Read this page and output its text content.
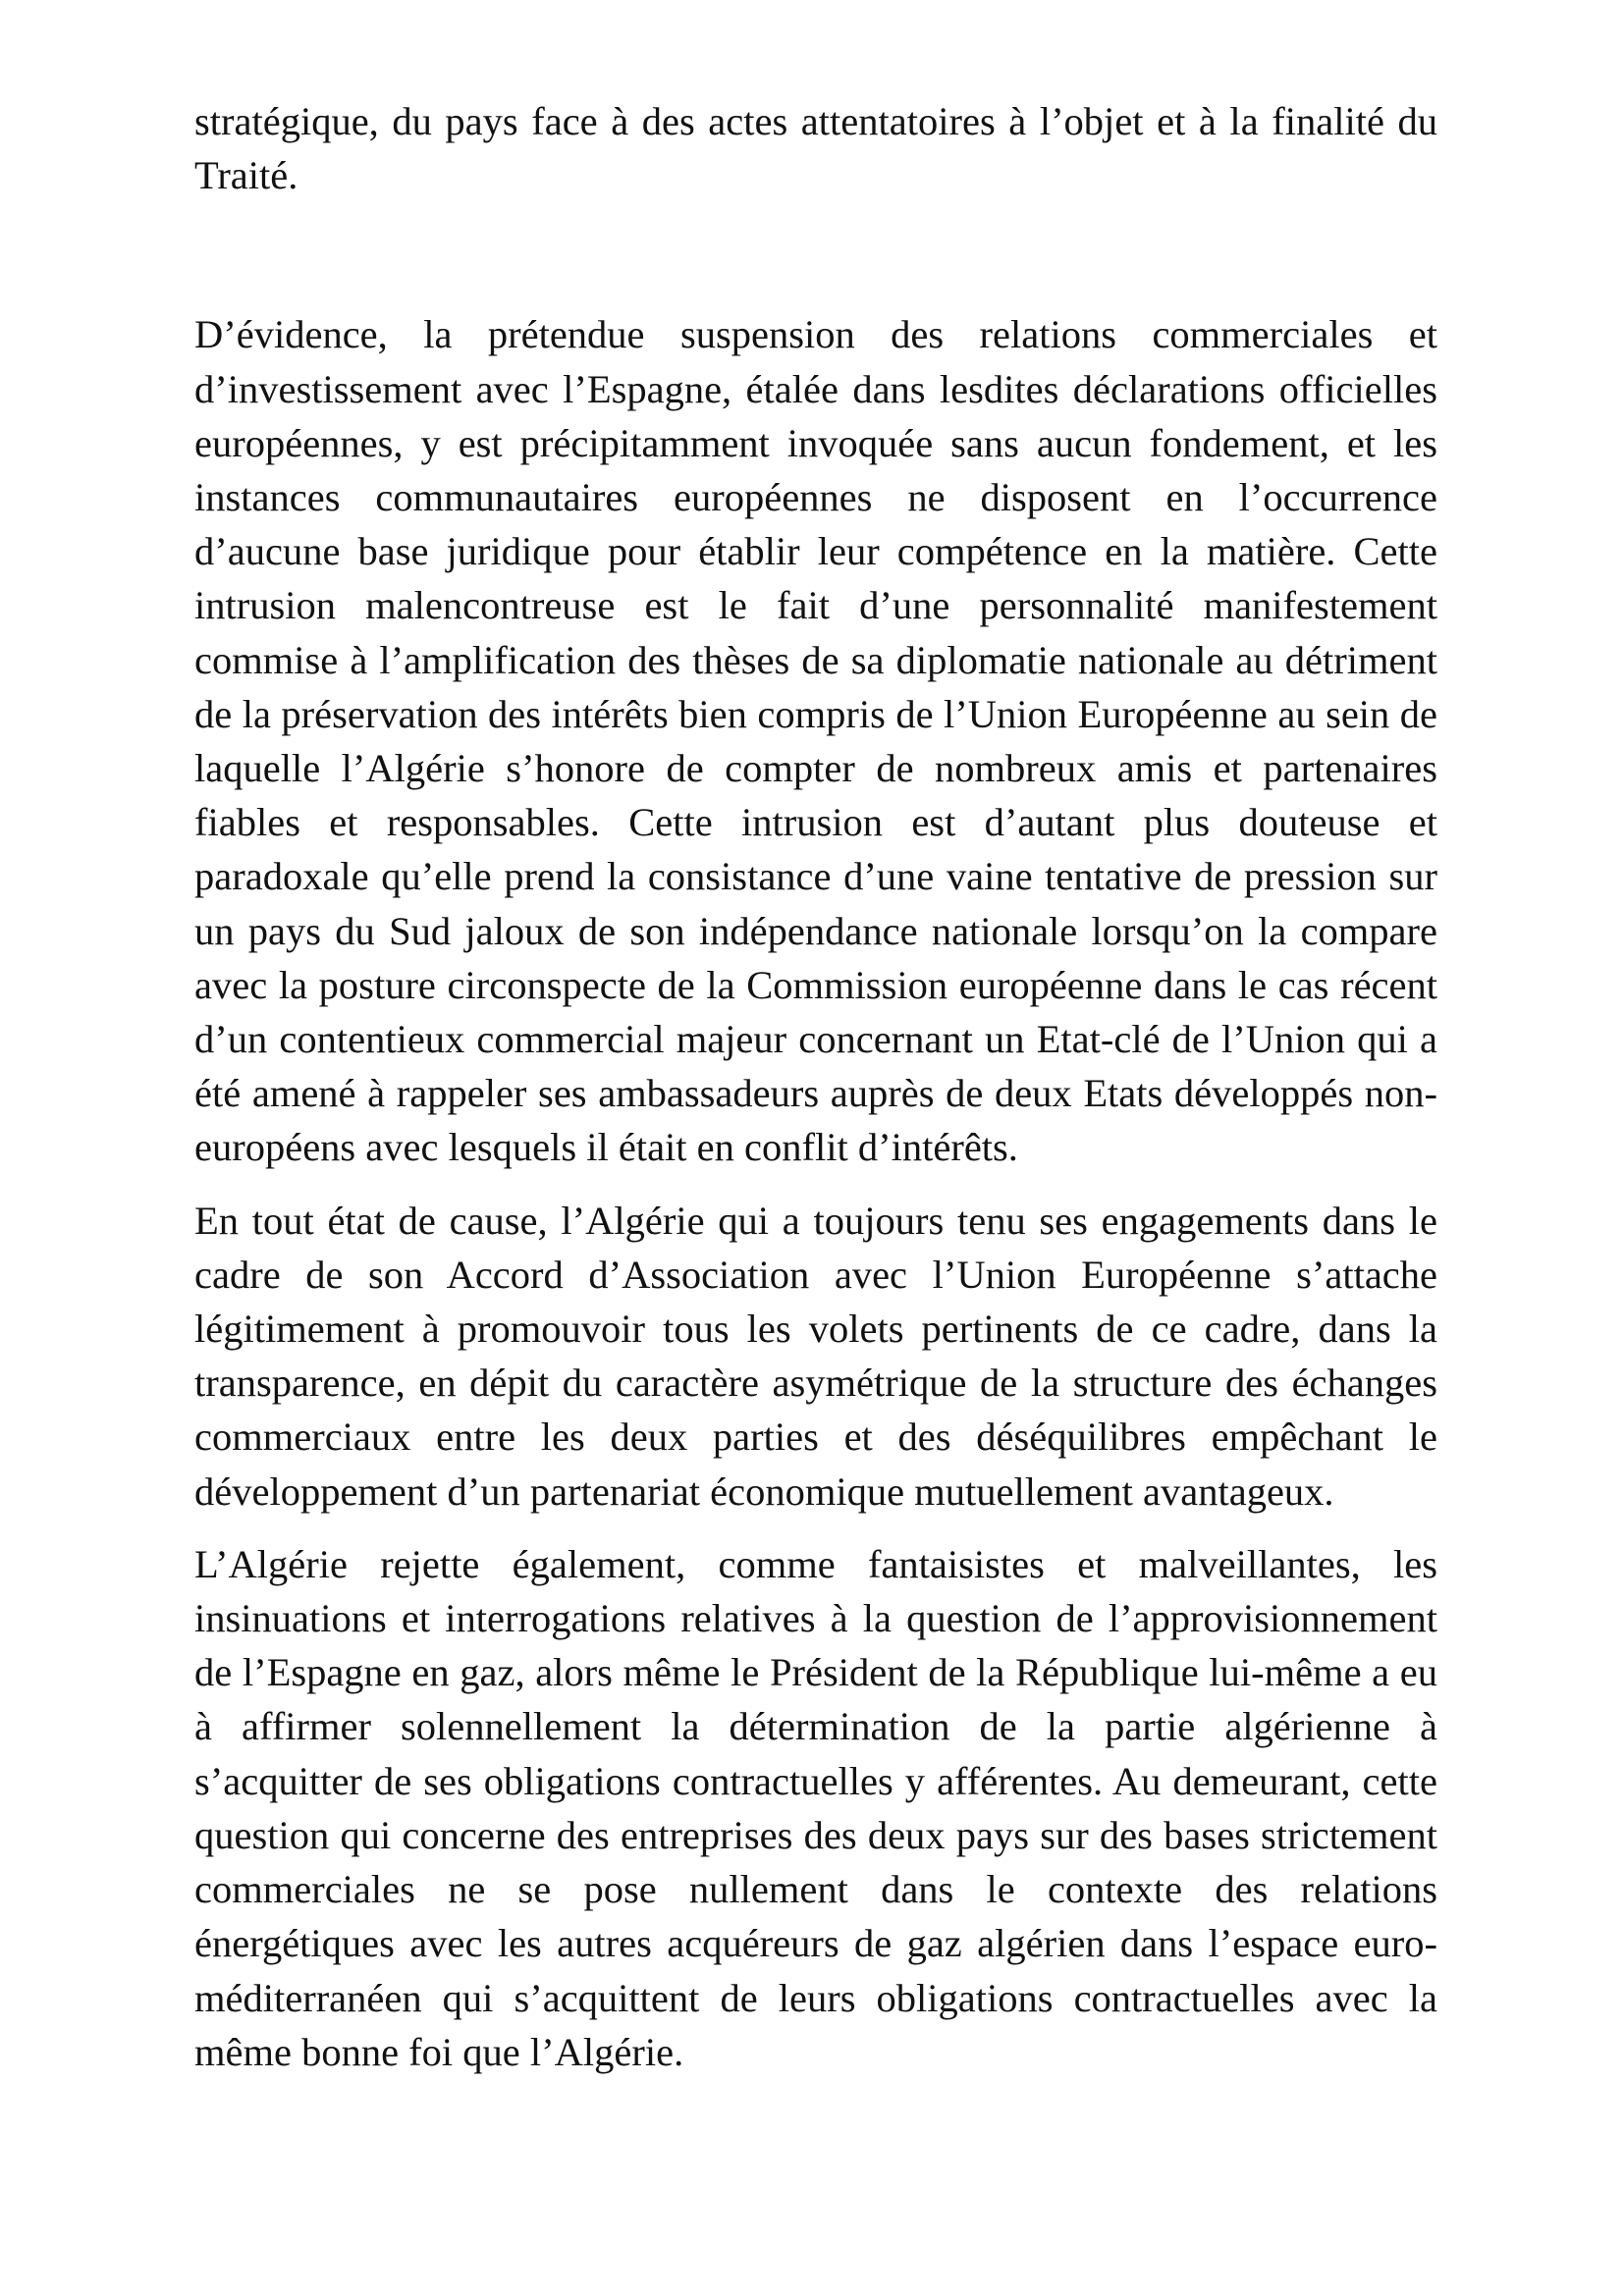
stratégique, du pays face à des actes attentatoires à l’objet et à la finalité du Traité.

D’évidence, la prétendue suspension des relations commerciales et d’investissement avec l’Espagne, étalée dans lesdites déclarations officielles européennes, y est précipitamment invoquée sans aucun fondement, et les instances communautaires européennes ne disposent en l’occurrence d’aucune base juridique pour établir leur compétence en la matière. Cette intrusion malencontreuse est le fait d’une personnalité manifestement commise à l’amplification des thèses de sa diplomatie nationale au détriment de la préservation des intérêts bien compris de l’Union Européenne au sein de laquelle l’Algérie s’honore de compter de nombreux amis et partenaires fiables et responsables. Cette intrusion est d’autant plus douteuse et paradoxale qu’elle prend la consistance d’une vaine tentative de pression sur un pays du Sud jaloux de son indépendance nationale lorsqu’on la compare avec la posture circonspecte de la Commission européenne dans le cas récent d’un contentieux commercial majeur concernant un Etat-clé de l’Union qui a été amené à rappeler ses ambassadeurs auprès de deux Etats développés non-européens avec lesquels il était en conflit d’intérêts.

En tout état de cause, l’Algérie qui a toujours tenu ses engagements dans le cadre de son Accord d’Association avec l’Union Européenne s’attache légitimement à promouvoir tous les volets pertinents de ce cadre, dans la transparence, en dépit du caractère asymétrique de la structure des échanges commerciaux entre les deux parties et des déséquilibres empêchant le développement d’un partenariat économique mutuellement avantageux.

L’Algérie rejette également, comme fantaisistes et malveillantes, les insinuations et interrogations relatives à la question de l’approvisionnement de l’Espagne en gaz, alors même le Président de la République lui-même a eu à affirmer solennellement la détermination de la partie algérienne à s’acquitter de ses obligations contractuelles y afférentes. Au demeurant, cette question qui concerne des entreprises des deux pays sur des bases strictement commerciales ne se pose nullement dans le contexte des relations énergétiques avec les autres acquéreurs de gaz algérien dans l’espace euro-méditerranéen qui s’acquittent de leurs obligations contractuelles avec la même bonne foi que l’Algérie.
